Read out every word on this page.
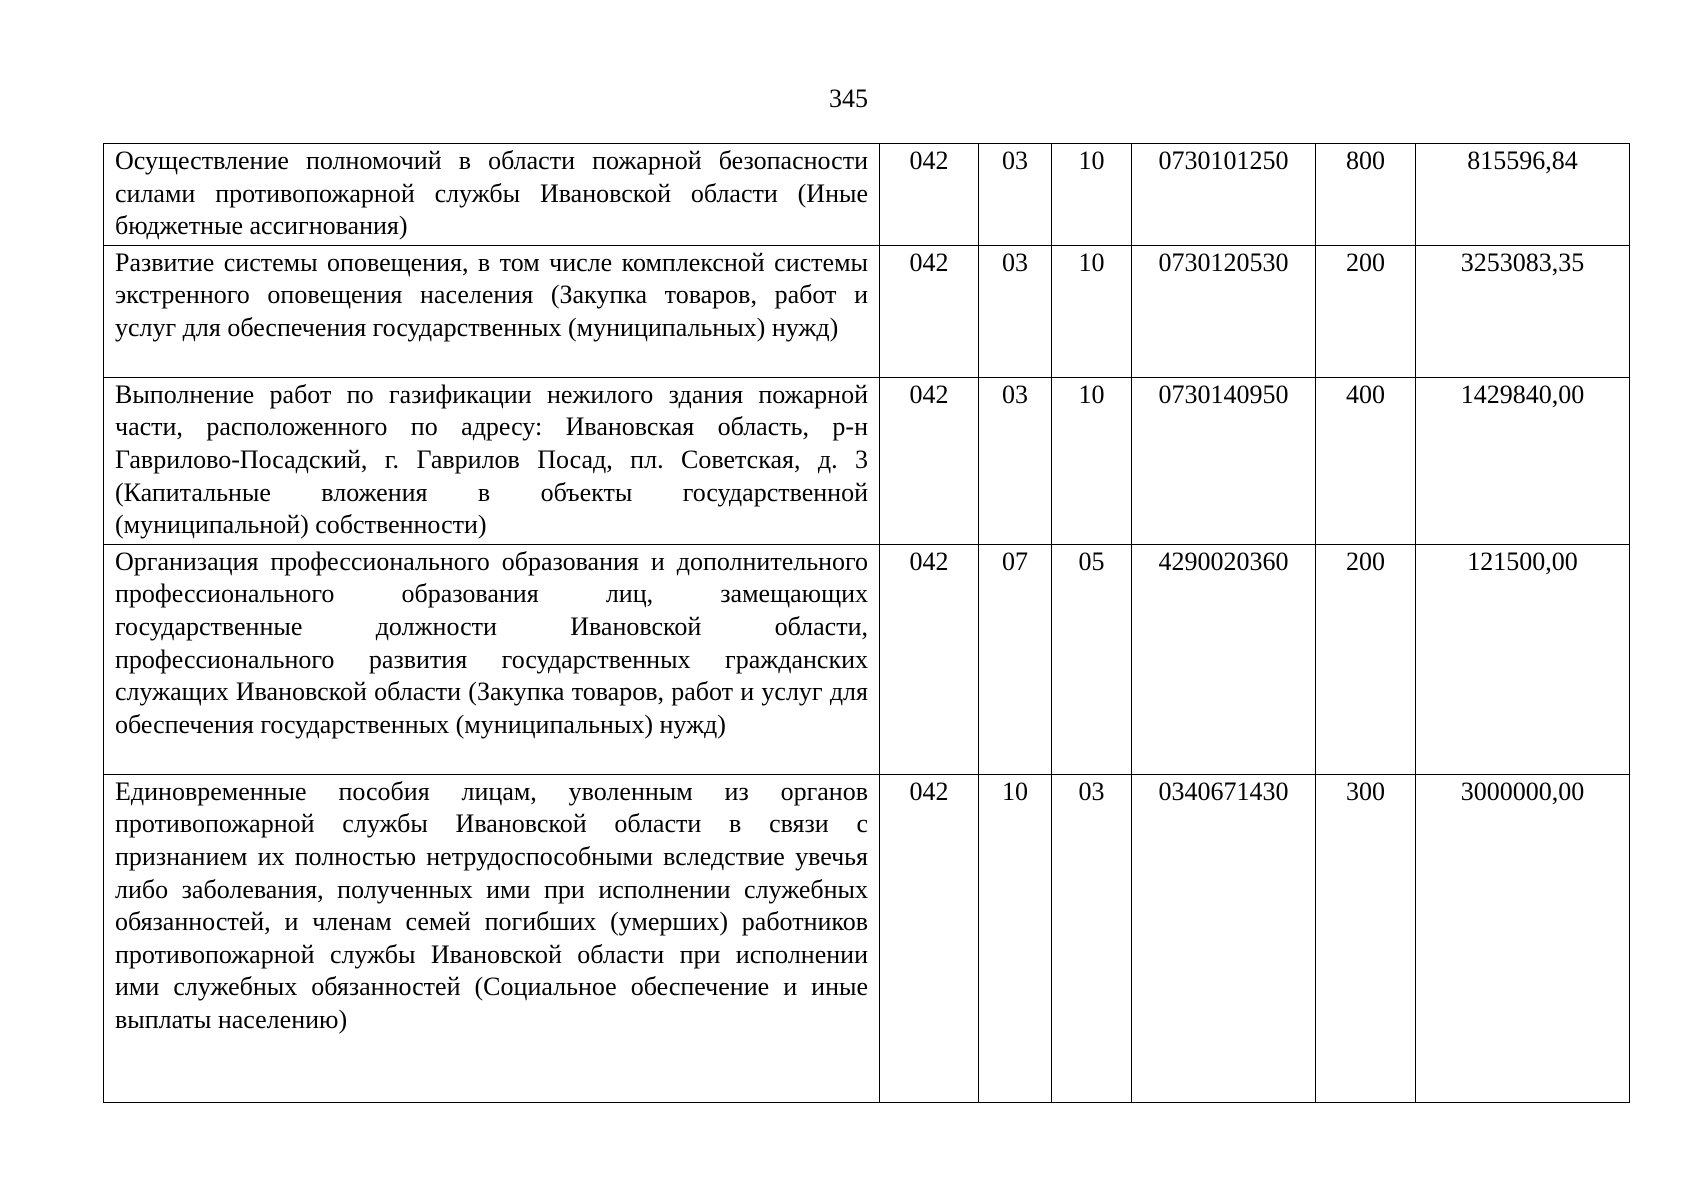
345
Осуществление полномочий в области пожарной безопасности силами противопожарной службы Ивановской области (Иные бюджетные ассигнования)	042	03	10	0730101250	800	815596,84
Развитие системы оповещения, в том числе комплексной системы экстренного оповещения населения (Закупка товаров, работ и услуг для обеспечения государственных (муниципальных) нужд)	042	03	10	0730120530	200	3253083,35
Выполнение работ по газификации нежилого здания пожарной части, расположенного по адресу: Ивановская область, р-н Гаврилово-Посадский, г. Гаврилов Посад, пл. Советская, д. 3 (Капитальные вложения в объекты государственной (муниципальной) собственности)	042	03	10	0730140950	400	1429840,00
Организация профессионального образования и дополнительного профессионального образования лиц, замещающих государственные должности Ивановской области, профессионального развития государственных гражданских служащих Ивановской области (Закупка товаров, работ и услуг для обеспечения государственных (муниципальных) нужд)	042	07	05	4290020360	200	121500,00
Единовременные пособия лицам, уволенным из органов противопожарной службы Ивановской области в связи с признанием их полностью нетрудоспособными вследствие увечья либо заболевания, полученных ими при исполнении служебных обязанностей, и членам семей погибших (умерших) работников противопожарной службы Ивановской области при исполнении ими служебных обязанностей (Социальное обеспечение и иные выплаты населению)	042	10	03	0340671430	300	3000000,00
